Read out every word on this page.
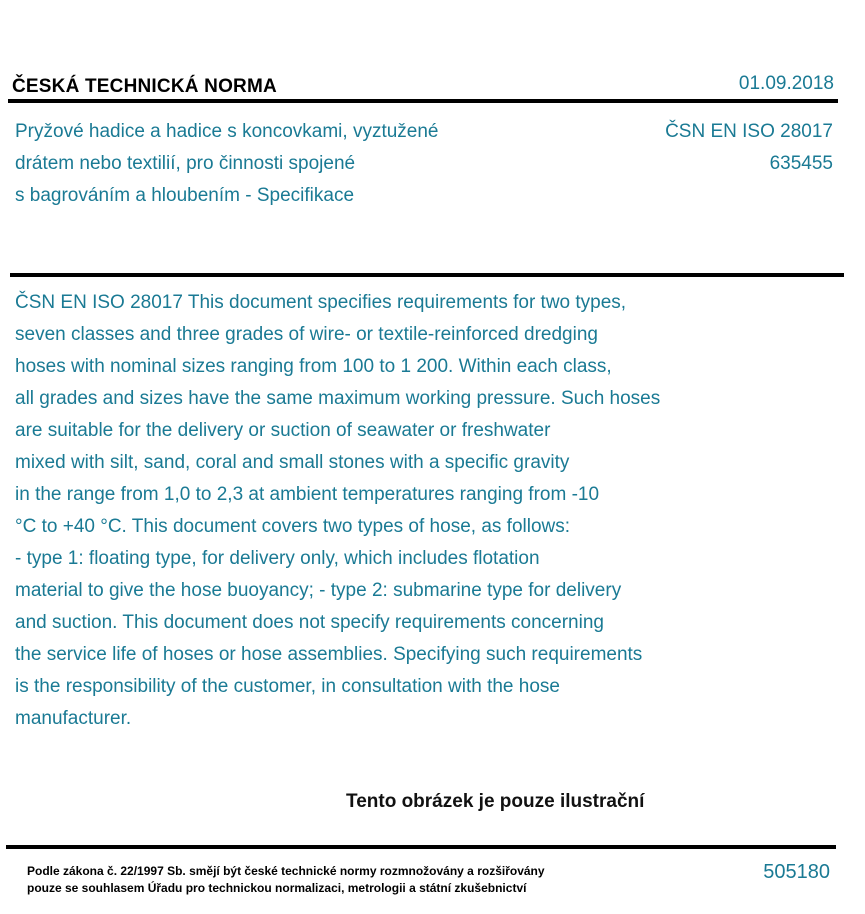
ČESKÁ TECHNICKÁ NORMA	01.09.2018
Pryžové hadice a hadice s koncovkami, vyztužené
drátem nebo textilií, pro činnosti spojené
s bagrováním a hloubením - Specifikace
ČSN EN ISO 28017
635455
ČSN EN ISO 28017 This document specifies requirements for two types,
seven classes and three grades of wire- or textile-reinforced dredging
hoses with nominal sizes ranging from 100 to 1 200. Within each class,
all grades and sizes have the same maximum working pressure. Such hoses
are suitable for the delivery or suction of seawater or freshwater
mixed with silt, sand, coral and small stones with a specific gravity
in the range from 1,0 to 2,3 at ambient temperatures ranging from -10
°C to +40 °C. This document covers two types of hose, as follows:
- type 1: floating type, for delivery only, which includes flotation
material to give the hose buoyancy; - type 2: submarine type for delivery
and suction. This document does not specify requirements concerning
the service life of hoses or hose assemblies. Specifying such requirements
is the responsibility of the customer, in consultation with the hose
manufacturer.
Tento obrázek je pouze ilustrační
Podle zákona č. 22/1997 Sb. smějí být české technické normy rozmnožovány a rozšiřovány
pouze se souhlasem Úřadu pro technickou normalizaci, metrologii a státní zkušebnictví
505180
